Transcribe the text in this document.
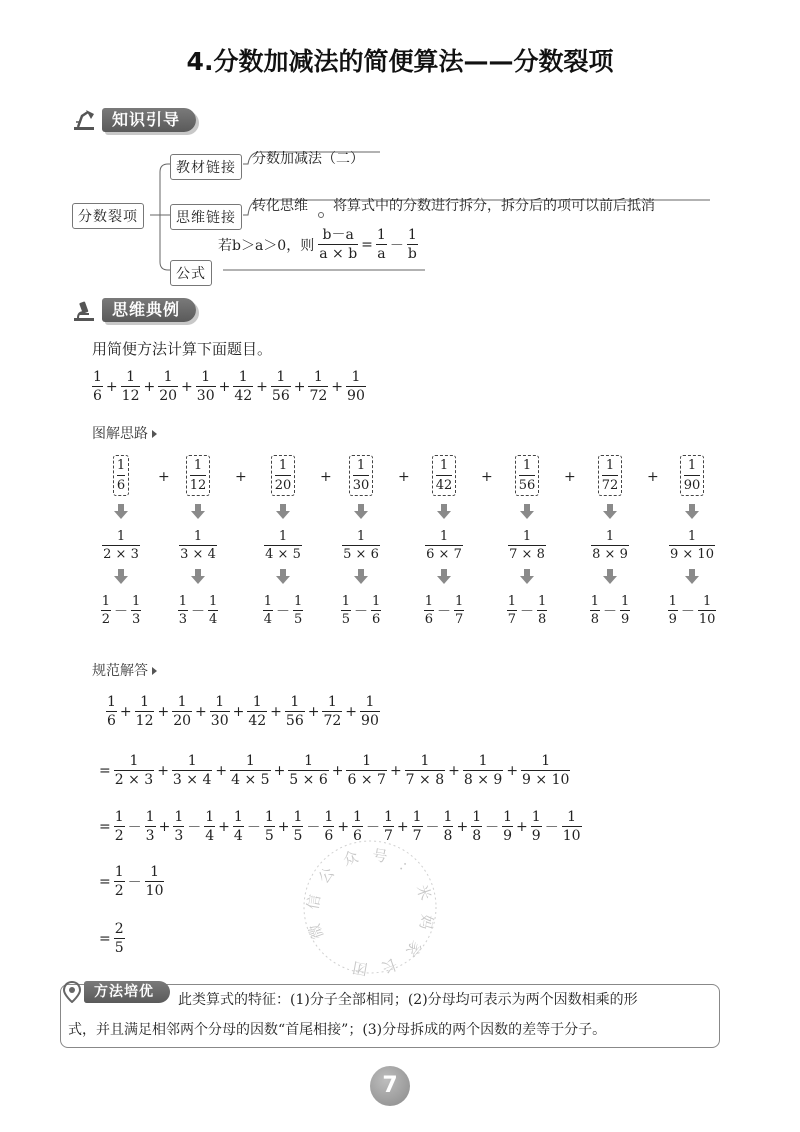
4.分数加减法的简便算法——分数裂项
知识引导
分数裂项
教材链接
分数加减法（二）
思维链接
转化思维 将算式中的分数进行拆分，拆分后的项可以前后抵消
公式
若b＞a＞0，则 $\frac{b-a}{a \times b} = \frac{1}{a} - \frac{1}{b}$
思维典例
用简便方法计算下面题目。
$\frac{1}{6} + \frac{1}{12} + \frac{1}{20} + \frac{1}{30} + \frac{1}{42} + \frac{1}{56} + \frac{1}{72} + \frac{1}{90}$
图解思路
$\frac{1}{6}$
$\frac{1}{2 \times 3}$
$\frac{1}{2} - \frac{1}{3}$
+ $\frac{1}{12}$
$\frac{1}{3 \times 4}$
$\frac{1}{3} - \frac{1}{4}$
+ $\frac{1}{20}$
$\frac{1}{4 \times 5}$
$\frac{1}{4} - \frac{1}{5}$
+ $\frac{1}{30}$
$\frac{1}{5 \times 6}$
$\frac{1}{5} - \frac{1}{6}$
+ $\frac{1}{42}$
$\frac{1}{6 \times 7}$
$\frac{1}{6} - \frac{1}{7}$
+ $\frac{1}{56}$
$\frac{1}{7 \times 8}$
$\frac{1}{7} - \frac{1}{8}$
+ $\frac{1}{72}$
$\frac{1}{8 \times 9}$
$\frac{1}{8} - \frac{1}{9}$
+ $\frac{1}{90}$
$\frac{1}{9 \times 10}$
$\frac{1}{9} - \frac{1}{10}$
规范解答
$\frac{1}{6} + \frac{1}{12} + \frac{1}{20} + \frac{1}{30} + \frac{1}{42} + \frac{1}{56} + \frac{1}{72} + \frac{1}{90}$
= $\frac{1}{2 \times 3} + \frac{1}{3 \times 4} + \frac{1}{4 \times 5} + \frac{1}{5 \times 6} + \frac{1}{6 \times 7} + \frac{1}{7 \times 8} + \frac{1}{8 \times 9} + \frac{1}{9 \times 10}$
= $\frac{1}{2} - \frac{1}{3} + \frac{1}{3} - \frac{1}{4} + \frac{1}{4} - \frac{1}{5} + \frac{1}{5} - \frac{1}{6} + \frac{1}{6} - \frac{1}{7} + \frac{1}{7} - \frac{1}{8} + \frac{1}{8} - \frac{1}{9} + \frac{1}{9} - \frac{1}{10}$
= $\frac{1}{2} - \frac{1}{10}$
= $\frac{2}{5}$	微
信
公
众 号
：
米
妈
家
长
团
方法培优	此类算式的特征：(1)分子全部相同；(2)分母均可表示为两个因数相乘的形
式，并且满足相邻两个分母的因数“首尾相接”；(3)分母拆成的两个因数的差等于分子。
7
